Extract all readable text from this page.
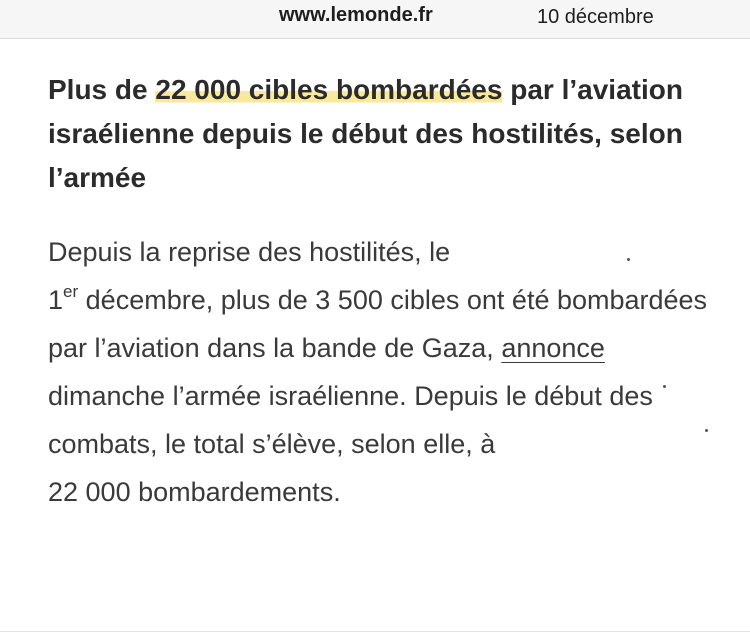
www.lemonde.fr	10 décembre
Plus de 22 000 cibles bombardées par l’aviation israélienne depuis le début des hostilités, selon l’armée
Depuis la reprise des hostilités, le
1er décembre, plus de 3 500 cibles ont été bombardées par l’aviation dans la bande de Gaza, annonce dimanche l’armée israélienne. Depuis le début des combats, le total s’élève, selon elle, à
22 000 bombardements.
